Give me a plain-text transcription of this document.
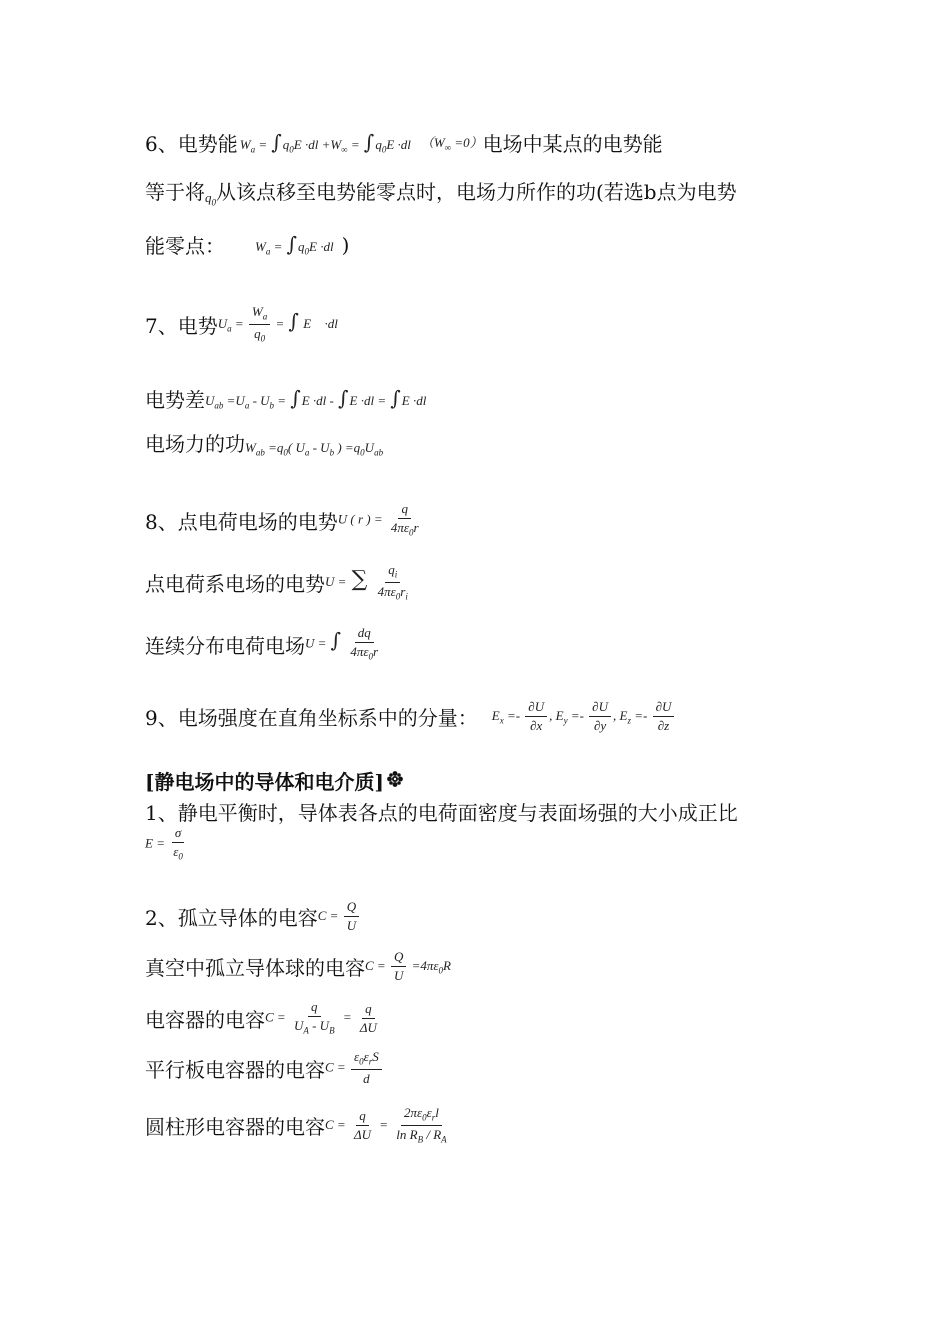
6、电势能 $W_a = \int q_0E \cdot dl +W_\infty = \int q_0E \cdot dl$ $(W_\infty =0)$ 电场中某点的电势能
等于将 $q_0$ 从该点移至电势能零点时，电场力所作的功(若选b点为电势
能零点： $W_a = \int q_0E \cdot dl$ )
7、电势 $U_a = \frac{W_a}{q_0}$ = ∫ E⃗ ·dl⃗
电势差 $U_{ab} =U_a - U_b = \int E \cdot dl - \int E \cdot dl = \int E \cdot dl$
电场力的功 $W_{ab} =q_0$( $U_a - U_b$ ) $=q_0U_{ab}$
8、点电荷电场的电势 U ( r ) = $\frac{q}{4\pi\varepsilon_0r}$
点电荷系电场的电势 U = ∑ $\frac{q_i}{4\pi\varepsilon_0r_i}$
连续分布电荷电场 U = ∫ $\frac{dq}{4\pi\varepsilon_0r}$
9、电场强度在直角坐标系中的分量： $E_x =- \frac{\partial U}{\partial x}$ , $E_y =- \frac{\partial U}{\partial y}$ , $E_z =- \frac{\partial U}{\partial z}$
[静电场中的导体和电介质]
1、静电平衡时，导体表各点的电荷面密度与表面场强的大小成正比
$E = \frac{\sigma}{\varepsilon_0}$
2、孤立导体的电容 $C = \frac{Q}{U}$
真空中孤立导体球的电容 $C = \frac{Q}{U} =4\pi\varepsilon_0R$
电容器的电容 $C = \frac{q}{U_A - U_B} = \frac{q}{\Delta U}$
平行板电容器的电容 $C = \frac{\varepsilon_0\varepsilon_rS}{d}$
圆柱形电容器的电容 $C = \frac{q}{\Delta U} = \frac{2\pi\varepsilon_0\varepsilon_rl}{\ln R_B / R_A}$
